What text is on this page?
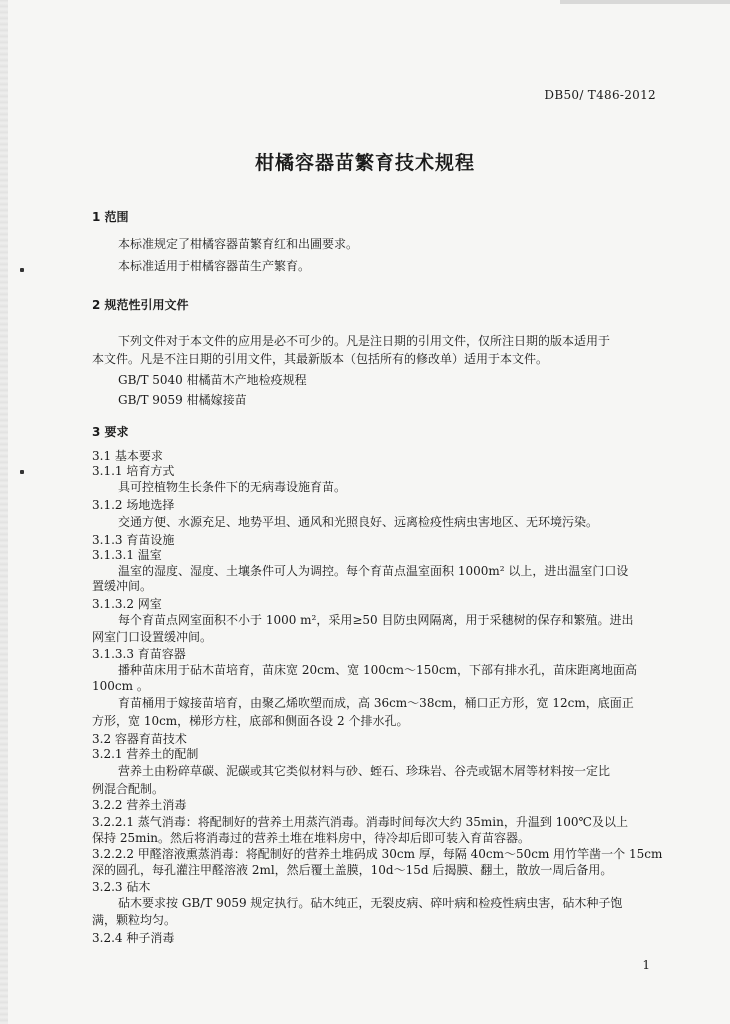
DB50/ T486-2012
柑橘容器苗繁育技术规程
1 范围
本标准规定了柑橘容器苗繁育红和出圃要求。
本标准适用于柑橘容器苗生产繁育。
2 规范性引用文件
下列文件对于本文件的应用是必不可少的。凡是注日期的引用文件，仅所注日期的版本适用于
本文件。凡是不注日期的引用文件，其最新版本（包括所有的修改单）适用于本文件。
GB/T 5040 柑橘苗木产地检疫规程
GB/T 9059 柑橘嫁接苗
3 要求
3.1 基本要求
3.1.1 培育方式
具可控植物生长条件下的无病毒设施育苗。
3.1.2 场地选择
交通方便、水源充足、地势平坦、通风和光照良好、远离检疫性病虫害地区、无环境污染。
3.1.3 育苗设施
3.1.3.1 温室
温室的湿度、湿度、土壤条件可人为调控。每个育苗点温室面积 1000m² 以上，进出温室门口设
置缓冲间。
3.1.3.2 网室
每个育苗点网室面积不小于 1000 m²，采用≥50 目防虫网隔离，用于采穗树的保存和繁殖。进出
网室门口设置缓冲间。
3.1.3.3 育苗容器
播种苗床用于砧木苗培育，苗床宽 20cm、宽 100cm～150cm，下部有排水孔，苗床距离地面高
100cm 。
育苗桶用于嫁接苗培育，由聚乙烯吹塑而成，高 36cm～38cm，桶口正方形，宽 12cm，底面正
方形，宽 10cm，梯形方柱，底部和侧面各设 2 个排水孔。
3.2 容器育苗技术
3.2.1 营养土的配制
营养土由粉碎草碳、泥碳或其它类似材料与砂、蛭石、珍珠岩、谷壳或锯木屑等材料按一定比
例混合配制。
3.2.2 营养土消毒
3.2.2.1 蒸气消毒：将配制好的营养土用蒸汽消毒。消毒时间每次大约 35min，升温到 100℃及以上
保持 25min。然后将消毒过的营养土堆在堆料房中，待冷却后即可装入育苗容器。
3.2.2.2 甲醛溶液熏蒸消毒：将配制好的营养土堆码成 30cm 厚，每隔 40cm～50cm 用竹竿凿一个 15cm
深的圆孔，每孔灌注甲醛溶液 2ml，然后覆土盖膜，10d～15d 后揭膜、翻土，散放一周后备用。
3.2.3 砧木
砧木要求按 GB/T 9059 规定执行。砧木纯正，无裂皮病、碎叶病和检疫性病虫害，砧木种子饱
满，颗粒均匀。
3.2.4 种子消毒
1
